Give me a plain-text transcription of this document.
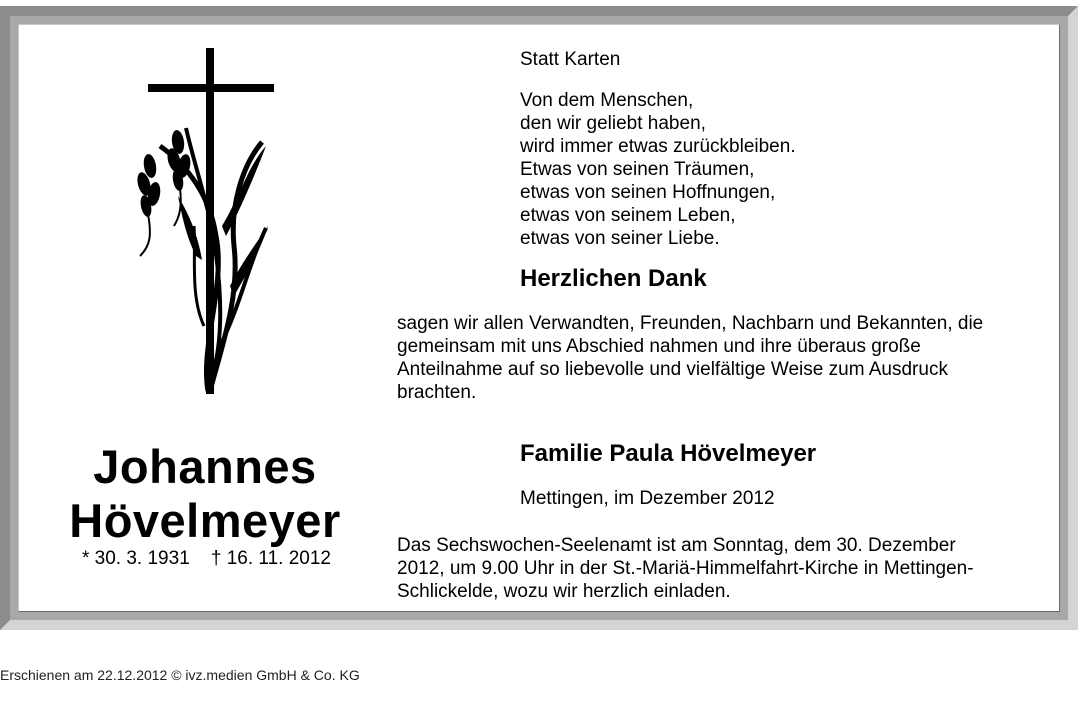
Johannes
Hövelmeyer
* 30. 3. 1931    † 16. 11. 2012
Statt Karten
Von dem Menschen,
den wir geliebt haben,
wird immer etwas zurückbleiben.
Etwas von seinen Träumen,
etwas von seinen Hoffnungen,
etwas von seinem Leben,
etwas von seiner Liebe.
Herzlichen Dank
sagen wir allen Verwandten, Freunden, Nachbarn und Bekannten, die
gemeinsam mit uns Abschied nahmen und ihre überaus große
Anteilnahme auf so liebevolle und vielfältige Weise zum Ausdruck
brachten.
Familie Paula Hövelmeyer
Mettingen, im Dezember 2012
Das Sechswochen-Seelenamt ist am Sonntag, dem 30. Dezember
2012, um 9.00 Uhr in der St.-Mariä-Himmelfahrt-Kirche in Mettingen-
Schlickelde, wozu wir herzlich einladen.
Erschienen am 22.12.2012 © ivz.medien GmbH & Co. KG
